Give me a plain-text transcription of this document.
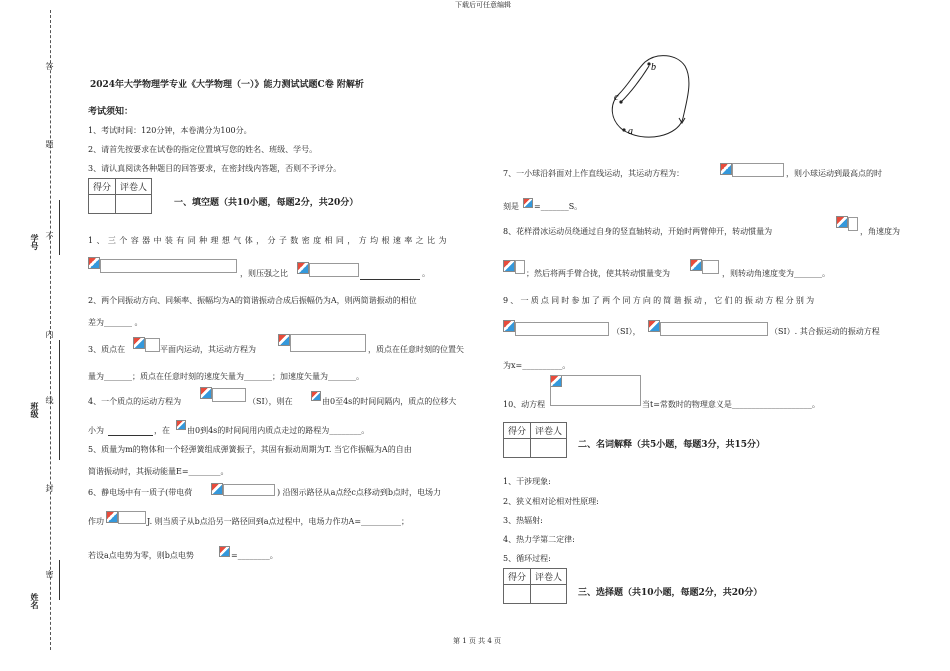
下载后可任意编辑
第 1 页 共 4 页
答
题
不
内
线
封
密
学号
班级
姓名
2024年大学物理学专业《大学物理（一）》能力测试试题C卷 附解析
考试须知：
1、考试时间：120分钟，本卷满分为100分。
2、请首先按要求在试卷的指定位置填写您的姓名、班级、学号。
3、请认真阅读各种题目的回答要求，在密封线内答题，否则不予评分。
得分	评卷人

一、填空题（共10小题，每题2分，共20分）
1、三个容器中装有同种理想气体，分子数密度相同，方均根速率之比为
，则压强之比	。
2、两个同振动方向、同频率、振幅均为A的简谐振动合成后振幅仍为A，则两简谐振动的相位
差为_______ 。
3、质点在	平面内运动，其运动方程为	，质点在任意时刻的位置矢
量为_______；质点在任意时刻的速度矢量为_______；加速度矢量为_______。
4、一个质点的运动方程为	（SI），则在	由0至4s的时间间隔内，质点的位移大
小为	，在 由0到4s的时间间用内质点走过的路程为________。
5、质量为m的物体和一个轻弹簧组成弹簧振子，其固有振动周期为T. 当它作振幅为A的自由
简谐振动时，其振动能量E=________。
6、静电场中有一质子(带电荷	) 沿图示路径从a点经c点移动到b点时，电场力
作功	J. 则当质子从b点沿另一路径回到a点过程中，电场力作功A=__________；
若设a点电势为零，则b点电势	=________。
b
c
a
7、一小球沿斜面对上作直线运动，其运动方程为：	，则小球运动到最高点的时
刻是 =_______S。
8、花样滑冰运动员绕通过自身的竖直轴转动，开始时两臂伸开，转动惯量为	，角速度为
；然后将两手臂合拢，使其转动惯量变为	，则转动角速度变为_______。
9、一质点同时参加了两个同方向的简谐振动，它们的振动方程分别为
（SI），	（SI）. 其合振运动的振动方程
为x=__________。
10、动方程	当t=常数时的物理意义是____________________。
得分	评卷人

二、名词解释（共5小题，每题3分，共15分）
1、干涉现象:
2、狭义相对论相对性原理:
3、热辐射:
4、热力学第二定律:
5、循环过程:
得分	评卷人

三、选择题（共10小题，每题2分，共20分）
